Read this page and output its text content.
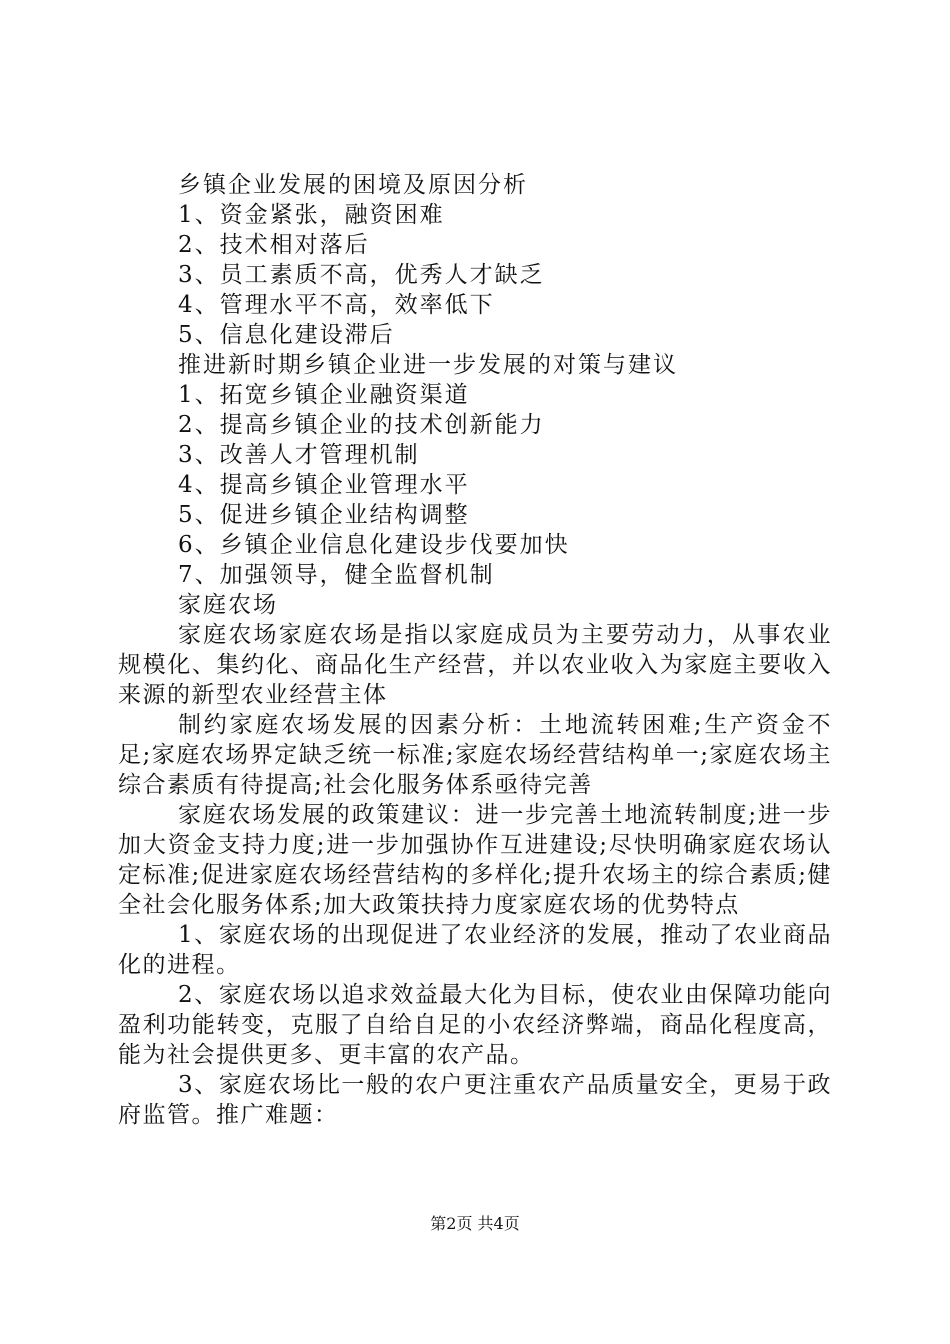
乡镇企业发展的困境及原因分析
1、资金紧张，融资困难
2、技术相对落后
3、员工素质不高，优秀人才缺乏
4、管理水平不高，效率低下
5、信息化建设滞后
推进新时期乡镇企业进一步发展的对策与建议
1、拓宽乡镇企业融资渠道
2、提高乡镇企业的技术创新能力
3、改善人才管理机制
4、提高乡镇企业管理水平
5、促进乡镇企业结构调整
6、乡镇企业信息化建设步伐要加快
7、加强领导，健全监督机制
家庭农场

家庭农场家庭农场是指以家庭成员为主要劳动力，从事农业规模化、集约化、商品化生产经营，并以农业收入为家庭主要收入来源的新型农业经营主体

制约家庭农场发展的因素分析：土地流转困难;生产资金不足;家庭农场界定缺乏统一标准;家庭农场经营结构单一;家庭农场主综合素质有待提高;社会化服务体系亟待完善

家庭农场发展的政策建议：进一步完善土地流转制度;进一步加大资金支持力度;进一步加强协作互进建设;尽快明确家庭农场认定标准;促进家庭农场经营结构的多样化;提升农场主的综合素质;健全社会化服务体系;加大政策扶持力度家庭农场的优势特点

1、家庭农场的出现促进了农业经济的发展，推动了农业商品化的进程。

2、家庭农场以追求效益最大化为目标，使农业由保障功能向盈利功能转变，克服了自给自足的小农经济弊端，商品化程度高，能为社会提供更多、更丰富的农产品。

3、家庭农场比一般的农户更注重农产品质量安全，更易于政府监管。推广难题：

第2页 共4页
